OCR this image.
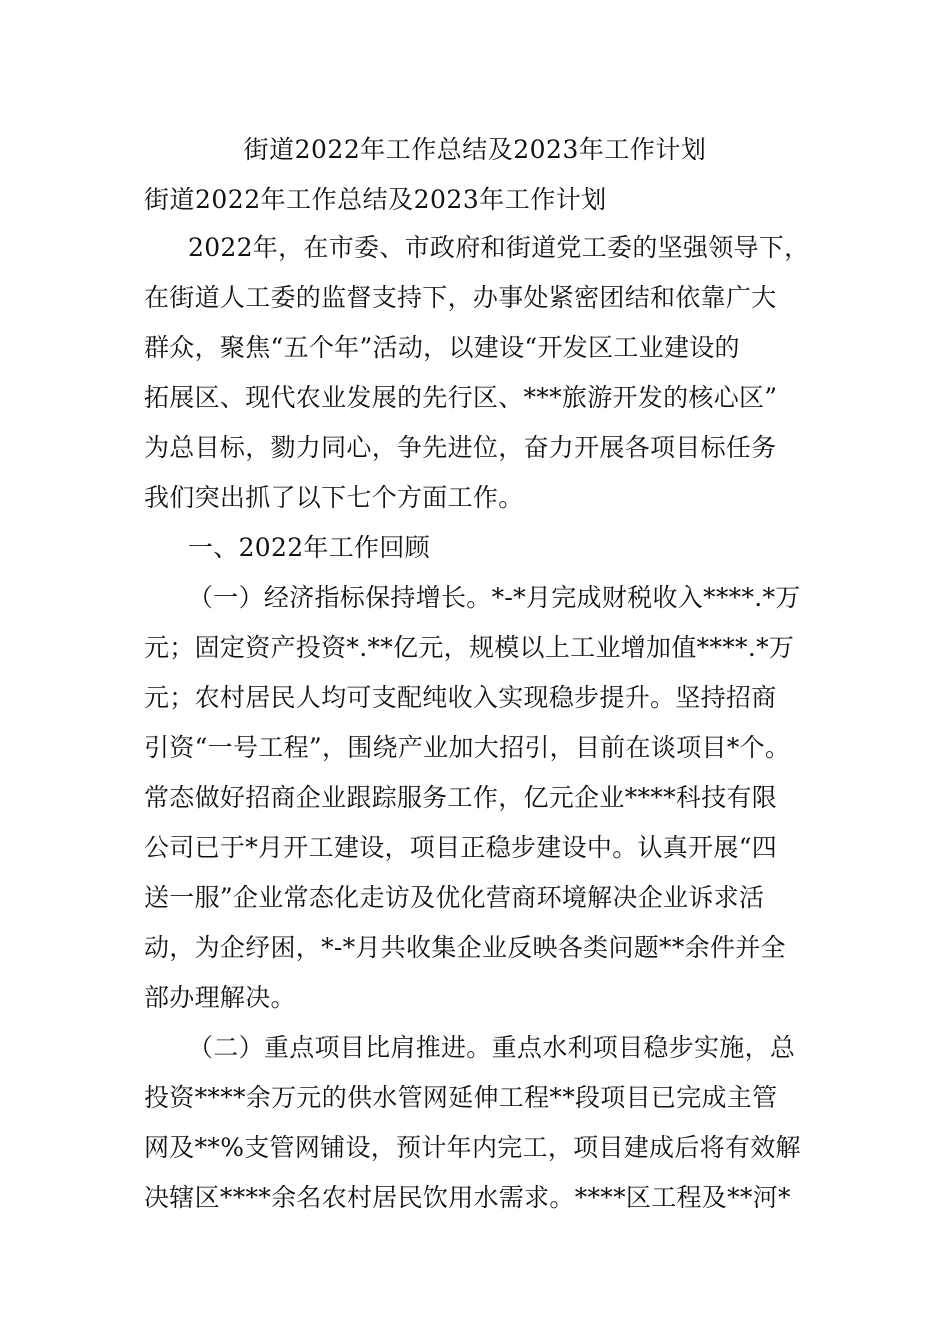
街道2022年工作总结及2023年工作计划
街道2022年工作总结及2023年工作计划
2022年，在市委、市政府和街道党工委的坚强领导下，
在街道人工委的监督支持下，办事处紧密团结和依靠广大
群众，聚焦“五个年”活动，以建设“开发区工业建设的
拓展区、现代农业发展的先行区、***旅游开发的核心区”
为总目标，勠力同心，争先进位，奋力开展各项目标任务
我们突出抓了以下七个方面工作。
一、2022年工作回顾
（一）经济指标保持增长。*-*月完成财税收入****.*万
元；固定资产投资*.**亿元，规模以上工业增加值****.*万
元；农村居民人均可支配纯收入实现稳步提升。坚持招商
引资“一号工程”，围绕产业加大招引，目前在谈项目*个。
常态做好招商企业跟踪服务工作，亿元企业****科技有限
公司已于*月开工建设，项目正稳步建设中。认真开展“四
送一服”企业常态化走访及优化营商环境解决企业诉求活
动，为企纾困，*-*月共收集企业反映各类问题**余件并全
部办理解决。
（二）重点项目比肩推进。重点水利项目稳步实施，总
投资****余万元的供水管网延伸工程**段项目已完成主管
网及**%支管网铺设，预计年内完工，项目建成后将有效解
决辖区****余名农村居民饮用水需求。****区工程及**河*
